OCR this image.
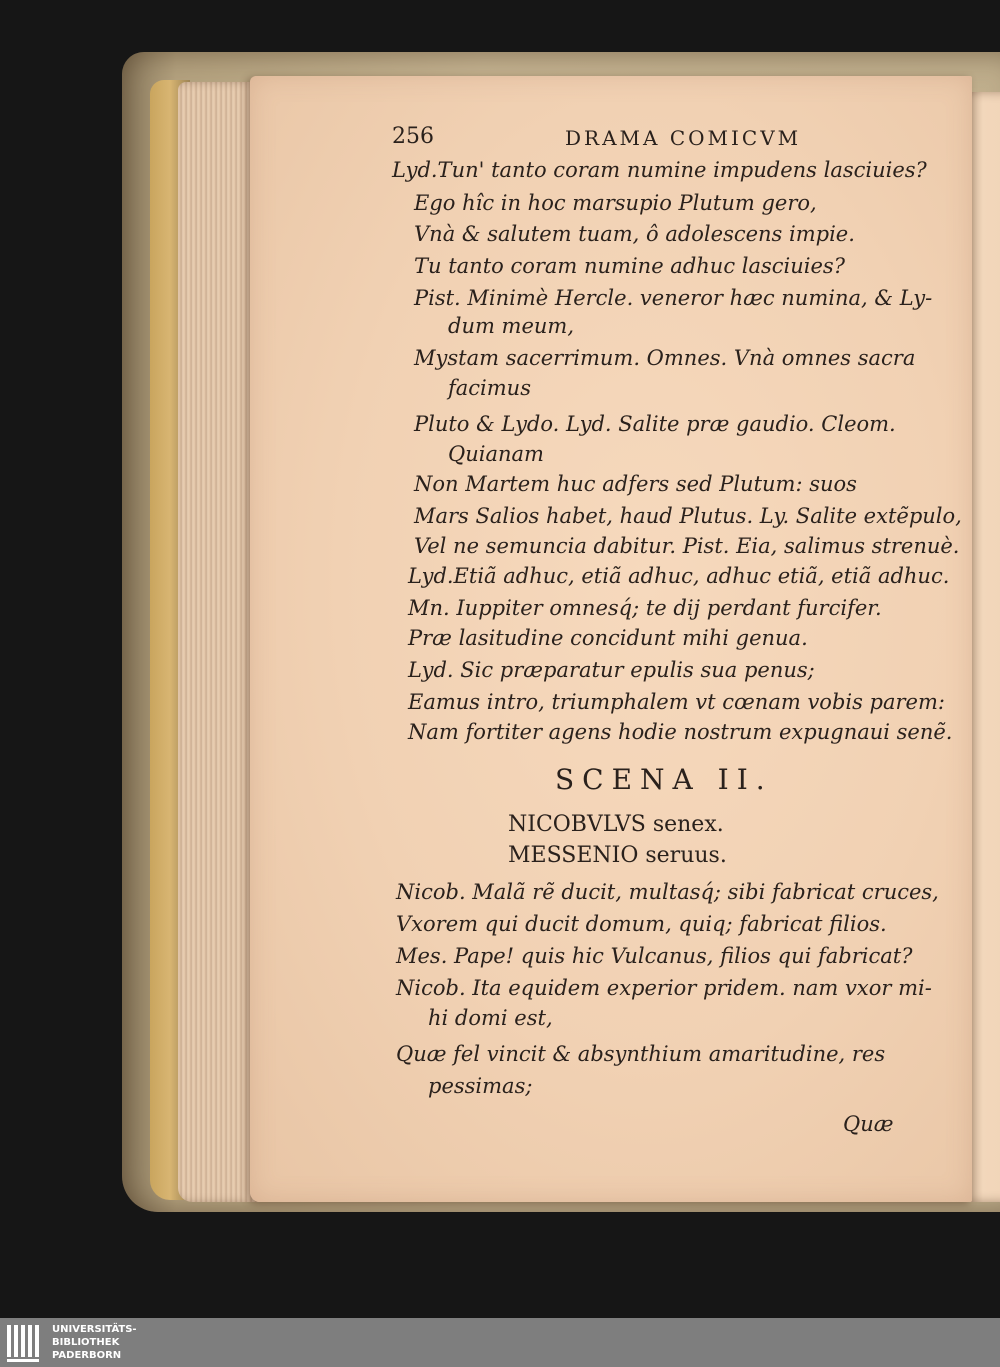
256	DRAMA COMICVM
Lyd.Tun' tanto coram numine impudens lasciuies?
Ego hîc in hoc marsupio Plutum gero,
Vnà & salutem tuam, ô adolescens impie.
Tu tanto coram numine adhuc lasciuies?
Pist. Minimè Hercle. veneror hæc numina, & Ly-
dum meum,
Mystam sacerrimum. Omnes. Vnà omnes sacra
facimus
Pluto & Lydo. Lyd. Salite præ gaudio. Cleom.
Quianam
Non Martem huc adfers sed Plutum: suos
Mars Salios habet, haud Plutus. Ly. Salite extẽpulo,
Vel ne semuncia dabitur. Pist. Eia, salimus strenuè.
Lyd.Etiã adhuc, etiã adhuc, adhuc etiã, etiã adhuc.
Mn. Iuppiter omnesq́; te dij perdant furcifer.
Præ lasitudine concidunt mihi genua.
Lyd. Sic præparatur epulis sua penus;
Eamus intro, triumphalem vt cœnam vobis parem:
Nam fortiter agens hodie nostrum expugnaui senẽ.
SCENA II.
NICOBVLVS senex.
MESSENIO seruus.
Nicob. Malã rẽ ducit, multasq́; sibi fabricat cruces,
Vxorem qui ducit domum, quiq; fabricat filios.
Mes. Pape! quis hic Vulcanus, filios qui fabricat?
Nicob. Ita equidem experior pridem. nam vxor mi-
hi domi est,
Quæ fel vincit & absynthium amaritudine, res
pessimas;
Quæ
UNIVERSITÄTS-
BIBLIOTHEK
PADERBORN
